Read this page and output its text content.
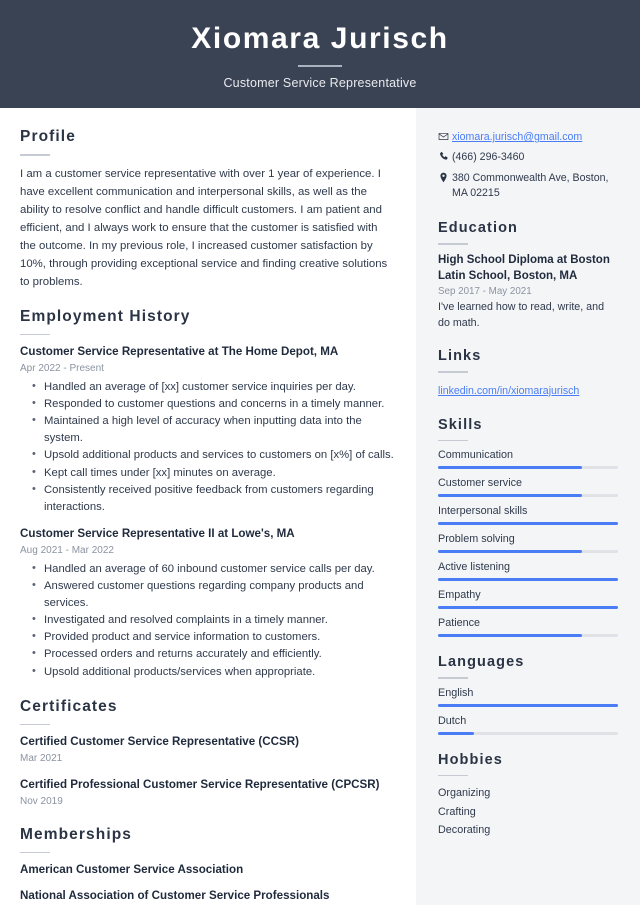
Xiomara Jurisch
Customer Service Representative
Profile
I am a customer service representative with over 1 year of experience. I have excellent communication and interpersonal skills, as well as the ability to resolve conflict and handle difficult customers. I am patient and efficient, and I always work to ensure that the customer is satisfied with the outcome. In my previous role, I increased customer satisfaction by 10%, through providing exceptional service and finding creative solutions to problems.
Employment History
Customer Service Representative at The Home Depot, MA
Apr 2022 - Present
• Handled an average of [xx] customer service inquiries per day.
• Responded to customer questions and concerns in a timely manner.
• Maintained a high level of accuracy when inputting data into the system.
• Upsold additional products and services to customers on [x%] of calls.
• Kept call times under [xx] minutes on average.
• Consistently received positive feedback from customers regarding interactions.
Customer Service Representative II at Lowe's, MA
Aug 2021 - Mar 2022
• Handled an average of 60 inbound customer service calls per day.
• Answered customer questions regarding company products and services.
• Investigated and resolved complaints in a timely manner.
• Provided product and service information to customers.
• Processed orders and returns accurately and efficiently.
• Upsold additional products/services when appropriate.
Certificates
Certified Customer Service Representative (CCSR)
Mar 2021
Certified Professional Customer Service Representative (CPCSR)
Nov 2019
Memberships
American Customer Service Association
National Association of Customer Service Professionals
xiomara.jurisch@gmail.com
(466) 296-3460
380 Commonwealth Ave, Boston, MA 02215
Education
High School Diploma at Boston Latin School, Boston, MA
Sep 2017 - May 2021
I've learned how to read, write, and do math.
Links
linkedin.com/in/xiomarajurisch
Skills
Communication
Customer service
Interpersonal skills
Problem solving
Active listening
Empathy
Patience
Languages
English
Dutch
Hobbies
Organizing
Crafting
Decorating
